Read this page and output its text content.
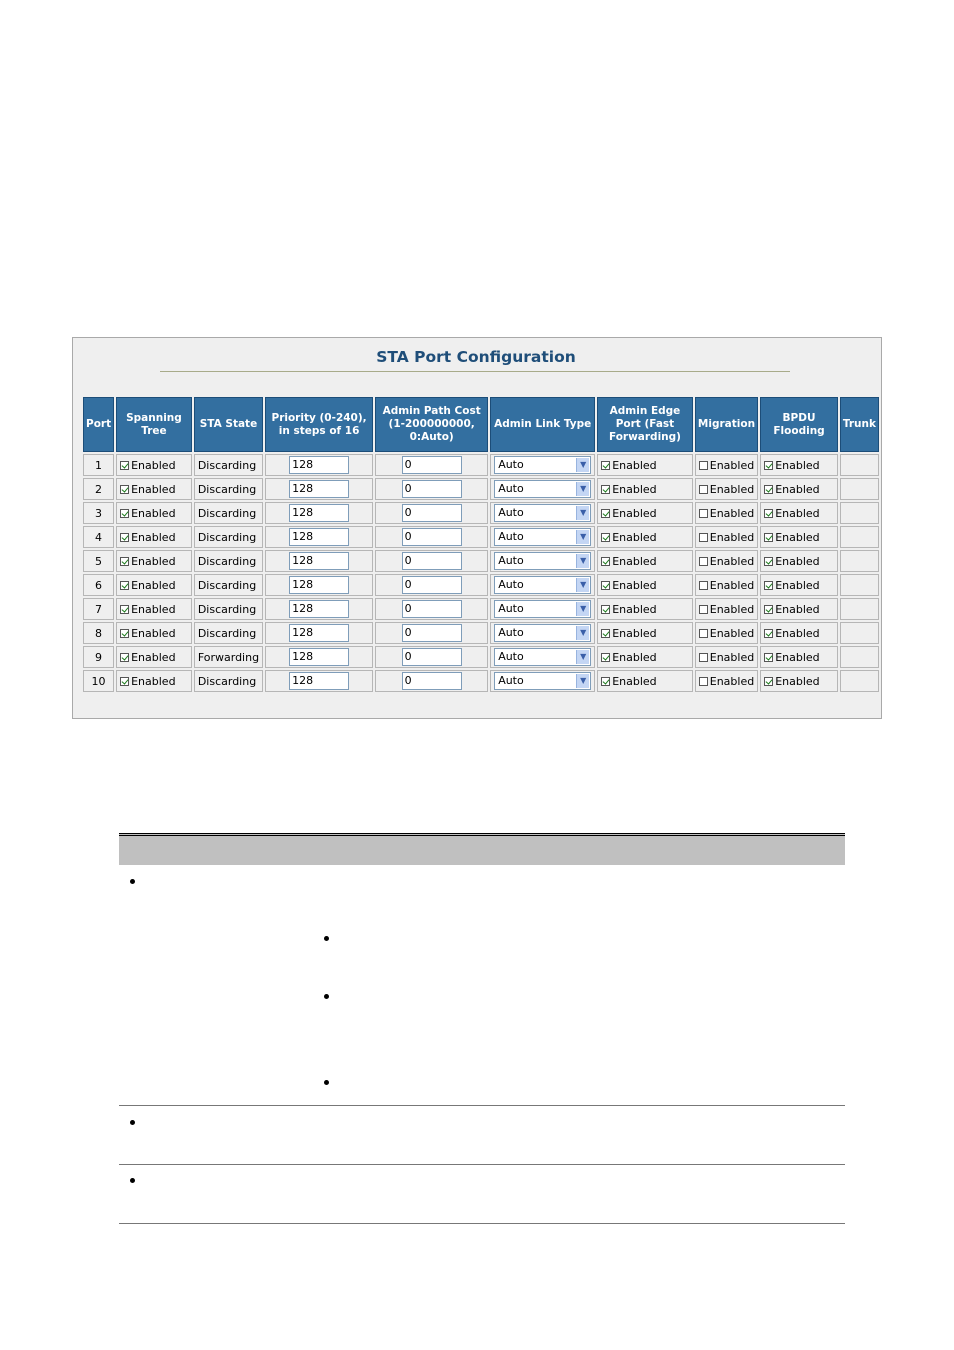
STA Port Configuration
Port	Spanning Tree	STA State	Priority (0-240), in steps of 16	Admin Path Cost (1-200000000, 0:Auto)	Admin Link Type	Admin Edge Port (Fast Forwarding)	Migration	BPDU Flooding	Trunk
1	Enabled	Discarding	128	0	Auto ▼	Enabled	Enabled	Enabled	
2	Enabled	Discarding	128	0	Auto ▼	Enabled	Enabled	Enabled	
3	Enabled	Discarding	128	0	Auto ▼	Enabled	Enabled	Enabled	
4	Enabled	Discarding	128	0	Auto ▼	Enabled	Enabled	Enabled	
5	Enabled	Discarding	128	0	Auto ▼	Enabled	Enabled	Enabled	
6	Enabled	Discarding	128	0	Auto ▼	Enabled	Enabled	Enabled	
7	Enabled	Discarding	128	0	Auto ▼	Enabled	Enabled	Enabled	
8	Enabled	Discarding	128	0	Auto ▼	Enabled	Enabled	Enabled	
9	Enabled	Forwarding	128	0	Auto ▼	Enabled	Enabled	Enabled	
10	Enabled	Discarding	128	0	Auto ▼	Enabled	Enabled	Enabled	
